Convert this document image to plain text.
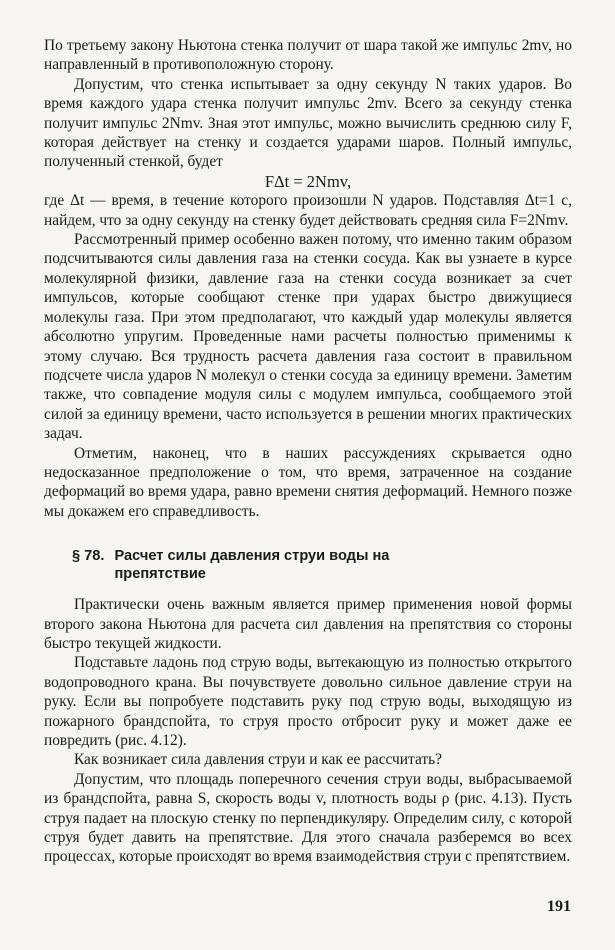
По третьему закону Ньютона стенка получит от шара такой же импульс 2mv, но направленный в противоположную сторону.

Допустим, что стенка испытывает за одну секунду N таких ударов. Во время каждого удара стенка получит импульс 2mv. Всего за секунду стенка получит импульс 2Nmv. Зная этот импульс, можно вычислить среднюю силу F, которая действует на стенку и создается ударами шаров. Полный импульс, полученный стенкой, будет

FΔt = 2Nmv,

где Δt — время, в течение которого произошли N ударов. Подставляя Δt=1 с, найдем, что за одну секунду на стенку будет действовать средняя сила F=2Nmv.

Рассмотренный пример особенно важен потому, что именно таким образом подсчитываются силы давления газа на стенки сосуда. Как вы узнаете в курсе молекулярной физики, давление газа на стенки сосуда возникает за счет импульсов, которые сообщают стенке при ударах быстро движущиеся молекулы газа. При этом предполагают, что каждый удар молекулы является абсолютно упругим. Проведенные нами расчеты полностью применимы к этому случаю. Вся трудность расчета давления газа состоит в правильном подсчете числа ударов N молекул о стенки сосуда за единицу времени. Заметим также, что совпадение модуля силы с модулем импульса, сообщаемого этой силой за единицу времени, часто используется в решении многих практических задач.

Отметим, наконец, что в наших рассуждениях скрывается одно недосказанное предположение о том, что время, затраченное на создание деформаций во время удара, равно времени снятия деформаций. Немного позже мы докажем его справедливость.

§ 78. Расчет силы давления струи воды на препятствие

Практически очень важным является пример применения новой формы второго закона Ньютона для расчета сил давления на препятствия со стороны быстро текущей жидкости.

Подставьте ладонь под струю воды, вытекающую из полностью открытого водопроводного крана. Вы почувствуете довольно сильное давление струи на руку. Если вы попробуете подставить руку под струю воды, выходящую из пожарного брандспойта, то струя просто отбросит руку и может даже ее повредить (рис. 4.12).

Как возникает сила давления струи и как ее рассчитать?

Допустим, что площадь поперечного сечения струи воды, выбрасываемой из брандспойта, равна S, скорость воды v, плотность воды ρ (рис. 4.13). Пусть струя падает на плоскую стенку по перпендикуляру. Определим силу, с которой струя будет давить на препятствие. Для этого сначала разберемся во всех процессах, которые происходят во время взаимодействия струи с препятствием.

191
